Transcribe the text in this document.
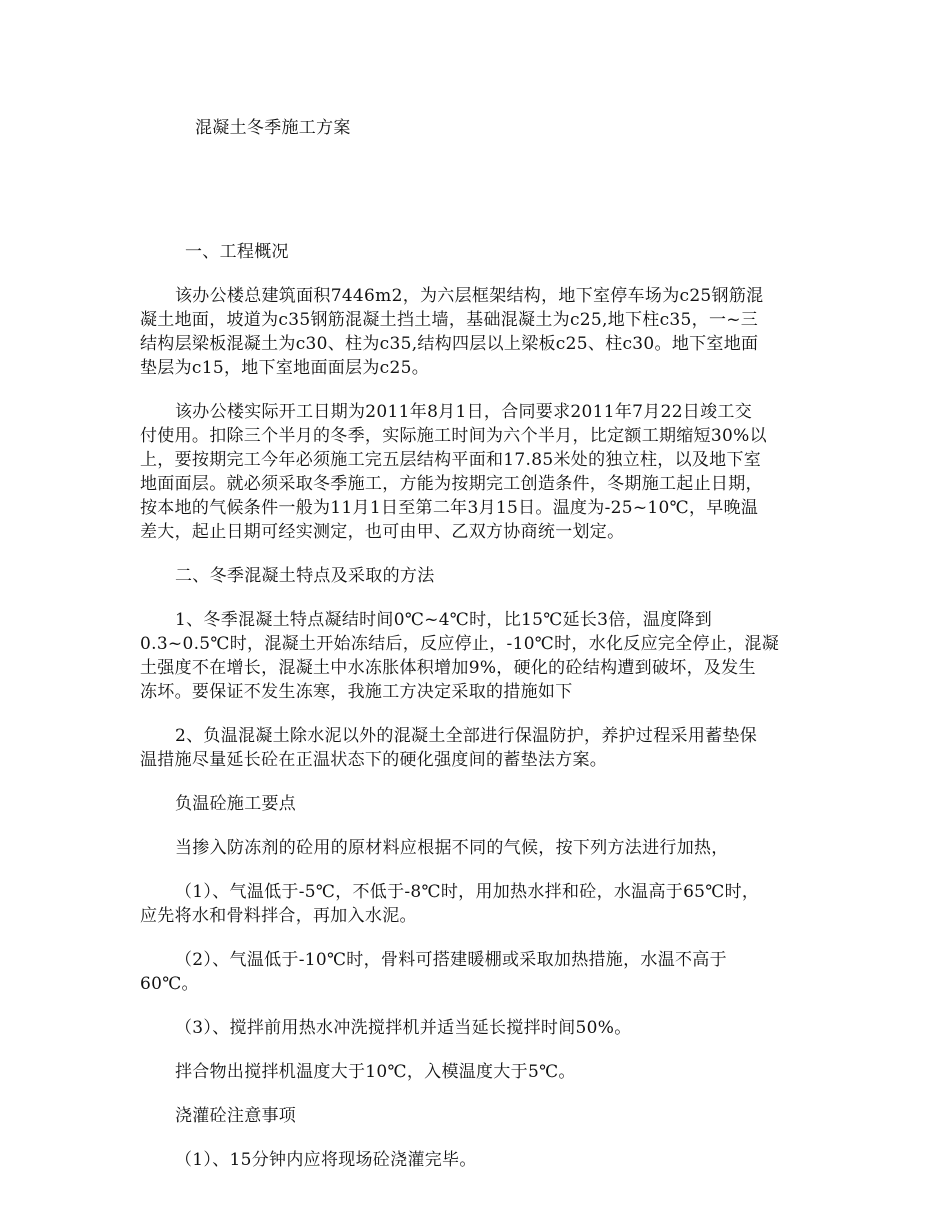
混凝土冬季施工方案
一、工程概况
该办公楼总建筑面积7446m2，为六层框架结构，地下室停车场为c25钢筋混
凝土地面，坡道为c35钢筋混凝土挡土墙，基础混凝土为c25,地下柱c35，一~三
结构层梁板混凝土为c30、柱为c35,结构四层以上梁板c25、柱c30。地下室地面
垫层为c15，地下室地面面层为c25。
该办公楼实际开工日期为2011年8月1日，合同要求2011年7月22日竣工交
付使用。扣除三个半月的冬季，实际施工时间为六个半月，比定额工期缩短30%以
上，要按期完工今年必须施工完五层结构平面和17.85米处的独立柱，以及地下室
地面面层。就必须采取冬季施工，方能为按期完工创造条件，冬期施工起止日期，
按本地的气候条件一般为11月1日至第二年3月15日。温度为-25~10℃，早晚温
差大，起止日期可经实测定，也可由甲、乙双方协商统一划定。
二、冬季混凝土特点及采取的方法
1、冬季混凝土特点凝结时间0℃~4℃时，比15℃延长3倍，温度降到
0.3~0.5℃时，混凝土开始冻结后，反应停止，-10℃时，水化反应完全停止，混凝
土强度不在增长，混凝土中水冻胀体积增加9%，硬化的砼结构遭到破坏，及发生
冻坏。要保证不发生冻寒，我施工方决定采取的措施如下
2、负温混凝土除水泥以外的混凝土全部进行保温防护，养护过程采用蓄垫保
温措施尽量延长砼在正温状态下的硬化强度间的蓄垫法方案。
负温砼施工要点
当掺入防冻剂的砼用的原材料应根据不同的气候，按下列方法进行加热，
（1）、气温低于-5℃，不低于-8℃时，用加热水拌和砼，水温高于65℃时，
应先将水和骨料拌合，再加入水泥。
（2）、气温低于-10℃时，骨料可搭建暖棚或采取加热措施，水温不高于
60℃。
（3）、搅拌前用热水冲洗搅拌机并适当延长搅拌时间50%。
拌合物出搅拌机温度大于10℃，入模温度大于5℃。
浇灌砼注意事项
（1）、15分钟内应将现场砼浇灌完毕。
